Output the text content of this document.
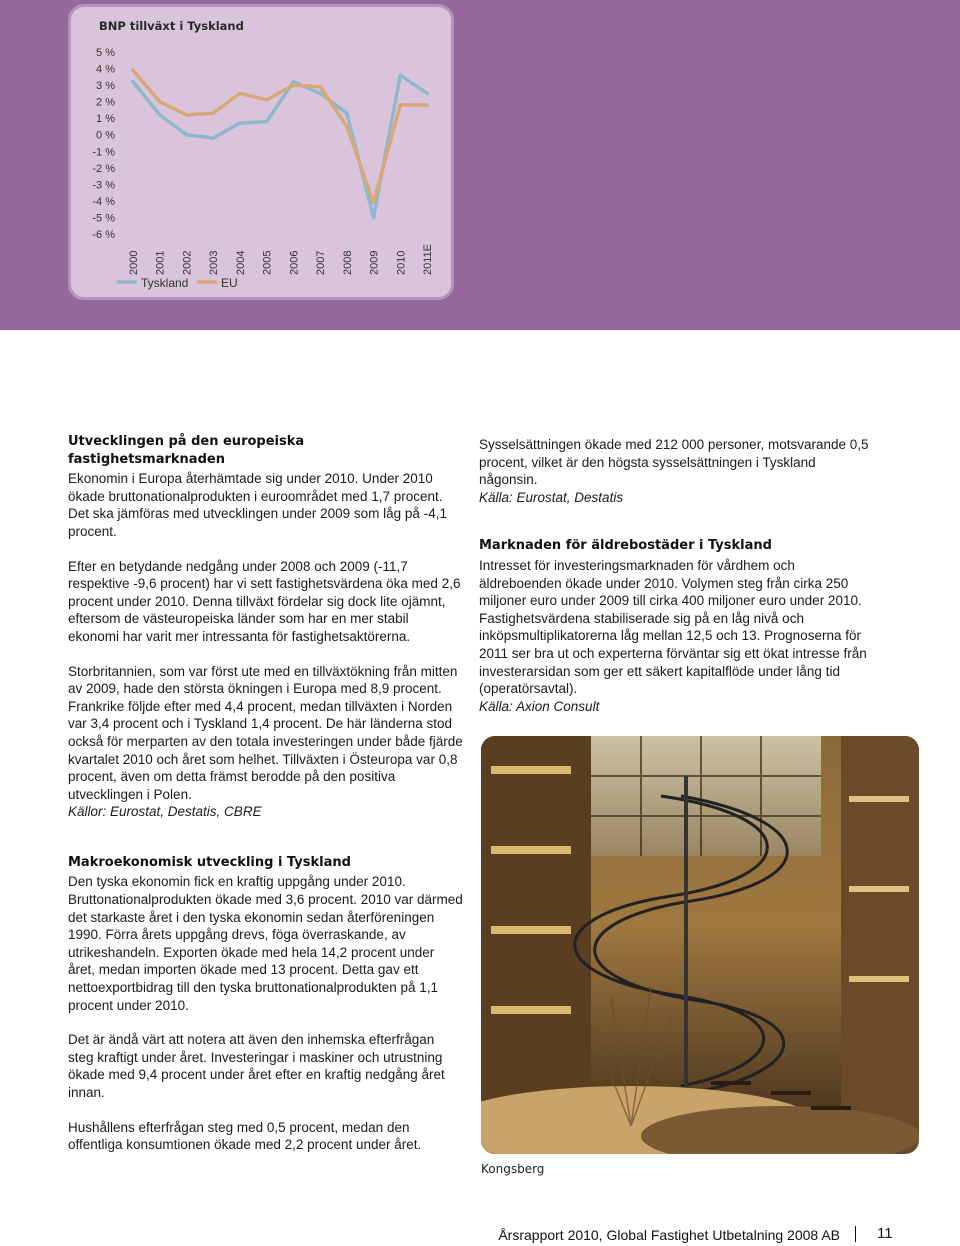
BNP tillväxt i Tyskland
5 %
4 %
3 %
2 %
1 %
0 %
-1 %
-2 %
-3 %
-4 %
-5 %
-6 %
2000 2001 2002 2003 2004 2005 2006 2007 2008 2009 2010 2011E
Tyskland	EU
Utvecklingen på den europeiska fastighetsmarknaden

Ekonomin i Europa återhämtade sig under 2010. Under 2010 ökade bruttonationalprodukten i euroområdet med 1,7 procent. Det ska jämföras med utvecklingen under 2009 som låg på -4,1 procent.

Efter en betydande nedgång under 2008 och 2009 (-11,7 respektive -9,6 procent) har vi sett fastighetsvärdena öka med 2,6 procent under 2010. Denna tillväxt fördelar sig dock lite ojämnt, eftersom de västeuropeiska länder som har en mer stabil ekonomi har varit mer intressanta för fastighetsaktörerna.

Storbritannien, som var först ute med en tillväxtökning från mitten av 2009, hade den största ökningen i Europa med 8,9 procent. Frankrike följde efter med 4,4 procent, medan tillväxten i Norden var 3,4 procent och i Tyskland 1,4 procent. De här länderna stod också för merparten av den totala investeringen under både fjärde kvartalet 2010 och året som helhet. Tillväxten i Östeuropa var 0,8 procent, även om detta främst berodde på den positiva utvecklingen i Polen.

Källor: Eurostat, Destatis, CBRE

Makroekonomisk utveckling i Tyskland

Den tyska ekonomin fick en kraftig uppgång under 2010. Bruttonationalprodukten ökade med 3,6 procent. 2010 var därmed det starkaste året i den tyska ekonomin sedan återföreningen 1990. Förra årets uppgång drevs, föga överraskande, av utrikeshandeln. Exporten ökade med hela 14,2 procent under året, medan importen ökade med 13 procent. Detta gav ett nettoexportbidrag till den tyska bruttonationalprodukten på 1,1 procent under 2010.

Det är ändå värt att notera att även den inhemska efterfrågan steg kraftigt under året. Investeringar i maskiner och utrustning ökade med 9,4 procent under året efter en kraftig nedgång året innan.

Hushållens efterfrågan steg med 0,5 procent, medan den offentliga konsumtionen ökade med 2,2 procent under året.

Sysselsättningen ökade med 212 000 personer, motsvarande 0,5 procent, vilket är den högsta sysselsättningen i Tyskland någonsin.

Källa: Eurostat, Destatis

Marknaden för äldrebostäder i Tyskland

Intresset för investeringsmarknaden för vårdhem och äldreboenden ökade under 2010. Volymen steg från cirka 250 miljoner euro under 2009 till cirka 400 miljoner euro under 2010. Fastighetsvärdena stabiliserade sig på en låg nivå och inköpsmultiplikatorerna låg mellan 12,5 och 13. Prognoserna för 2011 ser bra ut och experterna förväntar sig ett ökat intresse från investerarsidan som ger ett säkert kapitalflöde under lång tid (operatörsavtal).

Källa: Axion Consult

Kongsberg
Årsrapport 2010, Global Fastighet Utbetalning 2008 AB 11
